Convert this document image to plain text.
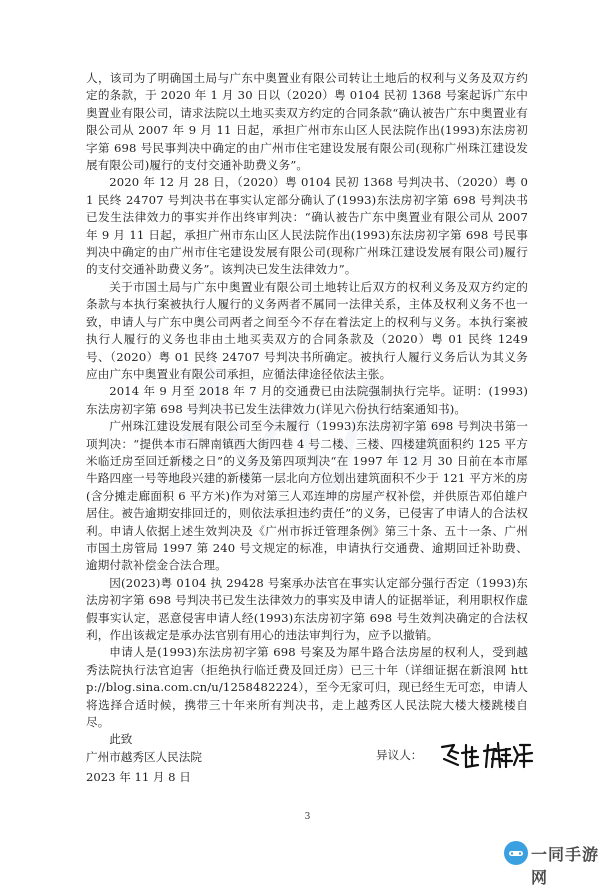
人，该司为了明确国土局与广东中奥置业有限公司转让土地后的权利与义务及双方约定的条款，于 2020 年 1 月 30 日以（2020）粤 0104 民初 1368 号案起诉广东中奥置业有限公司，请求法院以土地买卖双方约定的合同条款“确认被告广东中奥置业有限公司从 2007 年 9 月 11 日起，承担广州市东山区人民法院作出(1993)东法房初字第 698 号民事判决中确定的由广州市住宅建设发展有限公司(现称广州珠江建设发展有限公司)履行的支付交通补助费义务”。

2020 年 12 月 28 日，（2020）粤 0104 民初 1368 号判决书、（2020）粤 01 民终 24707 号判决书在事实认定部分确认了(1993)东法房初字第 698 号判决书已发生法律效力的事实并作出终审判决：“确认被告广东中奥置业有限公司从 2007 年 9 月 11 日起，承担广州市东山区人民法院作出(1993)东法房初字第 698 号民事判决中确定的由广州市住宅建设发展有限公司(现称广州珠江建设发展有限公司)履行的支付交通补助费义务”。该判决已发生法律效力”。

关于市国土局与广东中奥置业有限公司土地转让后双方的权利义务及双方约定的条款与本执行案被执行人履行的义务两者不属同一法律关系，主体及权利义务不也一致，申请人与广东中奥公司两者之间至今不存在着法定上的权利与义务。本执行案被执行人履行的义务也非由土地买卖双方的合同条款及（2020）粤 01 民终 1249 号、（2020）粤 01 民终 24707 号判决书所确定。被执行人履行义务后认为其义务应由广东中奥置业有限公司承担，应循法律途径依法主张。

2014 年 9 月至 2018 年 7 月的交通费已由法院强制执行完毕。证明：(1993)东法房初字第 698 号判决书已发生法律效力(详见六份执行结案通知书)。

广州珠江建设发展有限公司至今未履行（1993)东法房初字第 698 号判决书第一项判决：“提供本市石牌南镇西大街四巷 4 号二楼、三楼、四楼建筑面积约 125 平方米临迁房至回迁新楼之日”的义务及第四项判决“在 1997 年 12 月 30 日前在本市犀牛路四座一号等地段兴建的新楼第一层北向方位划出建筑面积不少于 121 平方米的房(含分摊走廊面积 6 平方米)作为对第三人邓连坤的房屋产权补偿，并供原告邓伯雄户居住。被告逾期安排回迁的，则依法承担违约责任”的义务，已侵害了申请人的合法权利。申请人依据上述生效判决及《广州市拆迁管理条例》第三十条、五十一条、广州市国土房管局 1997 第 240 号文规定的标准，申请执行交通费、逾期回迁补助费、逾期付款补偿金合法合理。

因(2023)粤 0104 执 29428 号案承办法官在事实认定部分强行否定（1993)东法房初字第 698 号判决书已发生法律效力的事实及申请人的证据举证，利用职权作虚假事实认定，恶意侵害申请人经(1993)东法房初字第 698 号生效判决确定的合法权利，作出该裁定是承办法官别有用心的违法审判行为，应予以撤销。

申请人是(1993)东法房初字第 698 号案及为犀牛路合法房屋的权利人，受到越秀法院执行法官迫害（拒绝执行临迁费及回迁房）已三十年（详细证据在新浪网 http://blog.sina.com.cn/u/1258482224），至今无家可归，现已经生无可恋，申请人将选择合适时候，携带三十年来所有判决书，走上越秀区人民法院大楼大楼跳楼自尽。

此致

广州市越秀区人民法院	异议人：

2023 年 11 月 8 日

3
一同手游网
